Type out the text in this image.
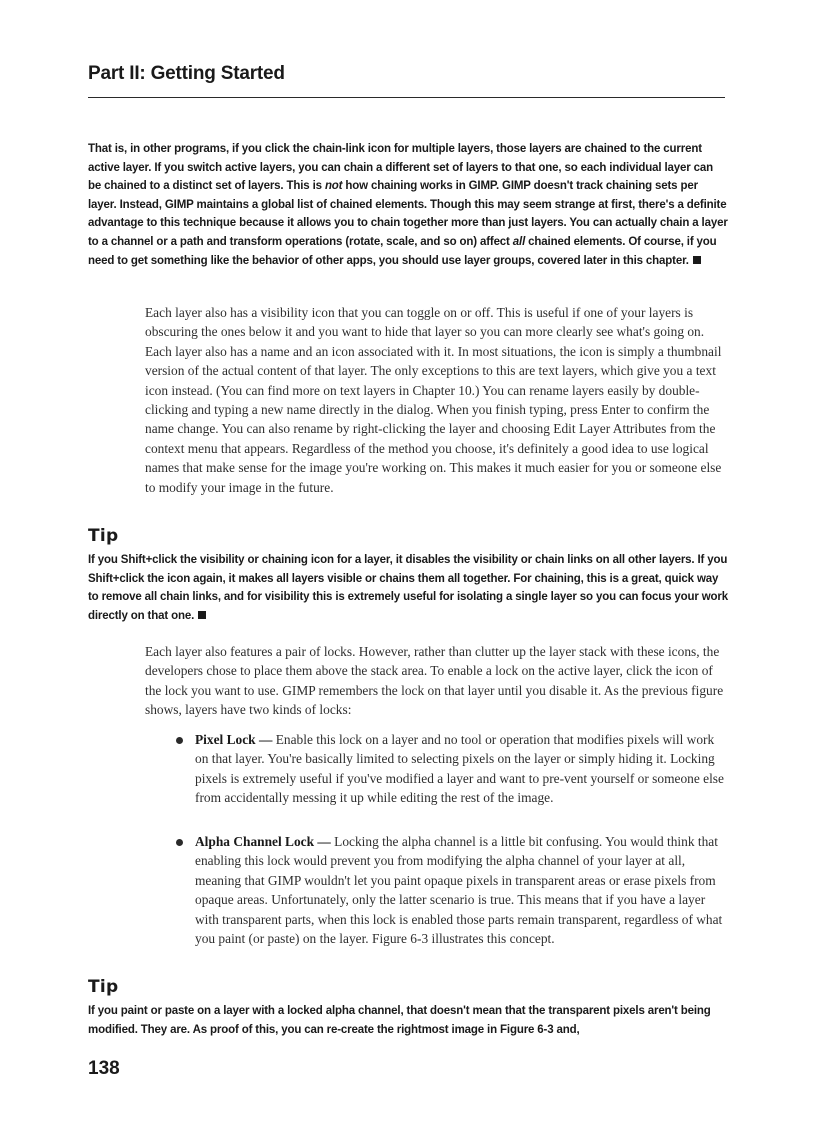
Part II: Getting Started

That is, in other programs, if you click the chain-link icon for multiple layers, those layers are chained to the current active layer. If you switch active layers, you can chain a different set of layers to that one, so each individual layer can be chained to a distinct set of layers. This is not how chaining works in GIMP. GIMP doesn't track chaining sets per layer. Instead, GIMP maintains a global list of chained elements. Though this may seem strange at first, there's a definite advantage to this technique because it allows you to chain together more than just layers. You can actually chain a layer to a channel or a path and transform operations (rotate, scale, and so on) affect all chained elements. Of course, if you need to get something like the behavior of other apps, you should use layer groups, covered later in this chapter.

Each layer also has a visibility icon that you can toggle on or off. This is useful if one of your layers is obscuring the ones below it and you want to hide that layer so you can more clearly see what's going on. Each layer also has a name and an icon associated with it. In most situations, the icon is simply a thumbnail version of the actual content of that layer. The only exceptions to this are text layers, which give you a text icon instead. (You can find more on text layers in Chapter 10.) You can rename layers easily by double-clicking and typing a new name directly in the dialog. When you finish typing, press Enter to confirm the name change. You can also rename by right-clicking the layer and choosing Edit Layer Attributes from the context menu that appears. Regardless of the method you choose, it's definitely a good idea to use logical names that make sense for the image you're working on. This makes it much easier for you or someone else to modify your image in the future.

Tip

If you Shift+click the visibility or chaining icon for a layer, it disables the visibility or chain links on all other layers. If you Shift+click the icon again, it makes all layers visible or chains them all together. For chaining, this is a great, quick way to remove all chain links, and for visibility this is extremely useful for isolating a single layer so you can focus your work directly on that one.

Each layer also features a pair of locks. However, rather than clutter up the layer stack with these icons, the developers chose to place them above the stack area. To enable a lock on the active layer, click the icon of the lock you want to use. GIMP remembers the lock on that layer until you disable it. As the previous figure shows, layers have two kinds of locks:

Pixel Lock — Enable this lock on a layer and no tool or operation that modifies pixels will work on that layer. You're basically limited to selecting pixels on the layer or simply hiding it. Locking pixels is extremely useful if you've modified a layer and want to pre-vent yourself or someone else from accidentally messing it up while editing the rest of the image.

Alpha Channel Lock — Locking the alpha channel is a little bit confusing. You would think that enabling this lock would prevent you from modifying the alpha channel of your layer at all, meaning that GIMP wouldn't let you paint opaque pixels in transparent areas or erase pixels from opaque areas. Unfortunately, only the latter scenario is true. This means that if you have a layer with transparent parts, when this lock is enabled those parts remain transparent, regardless of what you paint (or paste) on the layer. Figure 6-3 illustrates this concept.

Tip

If you paint or paste on a layer with a locked alpha channel, that doesn't mean that the transparent pixels aren't being modified. They are. As proof of this, you can re-create the rightmost image in Figure 6-3 and,

138
